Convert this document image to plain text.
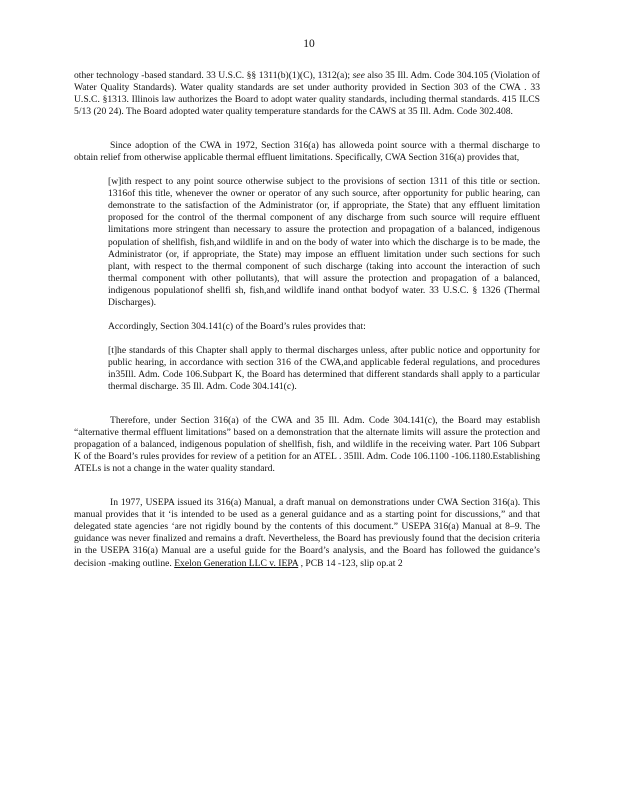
10

other technology -based standard. 33 U.S.C. §§ 1311(b)(1)(C), 1312(a); see also 35 Ill. Adm. Code 304.105 (Violation of Water Quality Standards). Water quality standards are set under authority provided in Section 303 of the CWA . 33 U.S.C. §1313. Illinois law authorizes the Board to adopt water quality standards, including thermal standards. 415 ILCS 5/13 (20 24). The Board adopted water quality temperature standards for the CAWS at 35 Ill. Adm. Code 302.408.

Since adoption of the CWA in 1972, Section 316(a) has alloweda point source with a thermal discharge to obtain relief from otherwise applicable thermal effluent limitations. Specifically, CWA Section 316(a) provides that,

[w]ith respect to any point source otherwise subject to the provisions of section 1311 of this title or section. 1316of this title, whenever the owner or operator of any such source, after opportunity for public hearing, can demonstrate to the satisfaction of the Administrator (or, if appropriate, the State) that any effluent limitation proposed for the control of the thermal component of any discharge from such source will require effluent limitations more stringent than necessary to assure the protection and propagation of a balanced, indigenous population of shellfish, fish,and wildlife in and on the body of water into which the discharge is to be made, the Administrator (or, if appropriate, the State) may impose an effluent limitation under such sections for such plant, with respect to the thermal component of such discharge (taking into account the interaction of such thermal component with other pollutants), that will assure the protection and propagation of a balanced, indigenous populationof shellfi sh, fish,and wildlife inand onthat bodyof water. 33 U.S.C. § 1326 (Thermal Discharges).

Accordingly, Section 304.141(c) of the Board’s rules provides that:

[t]he standards of this Chapter shall apply to thermal discharges unless, after public notice and opportunity for public hearing, in accordance with section 316 of the CWA,and applicable federal regulations, and procedures in35Ill. Adm. Code 106.Subpart K, the Board has determined that different standards shall apply to a particular thermal discharge. 35 Ill. Adm. Code 304.141(c).

Therefore, under Section 316(a) of the CWA and 35 Ill. Adm. Code 304.141(c), the Board may establish “alternative thermal effluent limitations” based on a demonstration that the alternate limits will assure the protection and propagation of a balanced, indigenous population of shellfish, fish, and wildlife in the receiving water. Part 106 Subpart K of the Board’s rules provides for review of a petition for an ATEL . 35Ill. Adm. Code 106.1100 -106.1180.Establishing ATELs is not a change in the water quality standard.

In 1977, USEPA issued its 316(a) Manual, a draft manual on demonstrations under CWA Section 316(a). This manual provides that it ‘is intended to be used as a general guidance and as a starting point for discussions,” and that delegated state agencies ‘are not rigidly bound by the contents of this document.” USEPA 316(a) Manual at 8–9. The guidance was never finalized and remains a draft. Nevertheless, the Board has previously found that the decision criteria in the USEPA 316(a) Manual are a useful guide for the Board’s analysis, and the Board has followed the guidance’s decision -making outline. Exelon Generation LLC v. IEPA , PCB 14 -123, slip op.at 2
